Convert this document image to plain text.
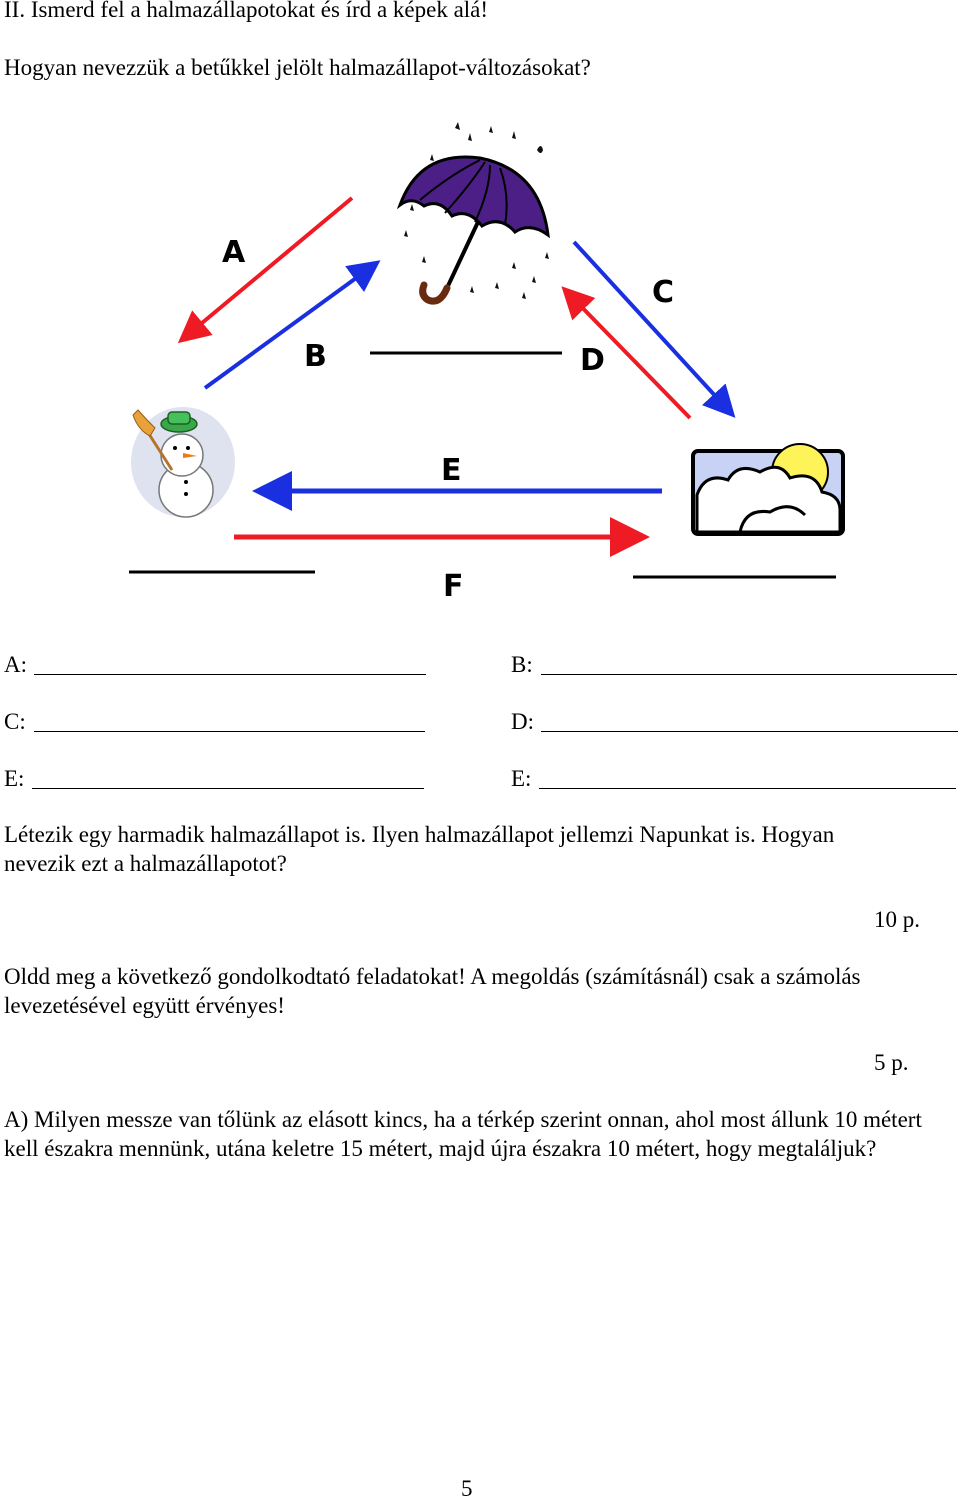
II. Ismerd fel a halmazállapotokat és írd a képek alá!
Hogyan nevezzük a betűkkel jelölt halmazállapot-változásokat?
A
B
C
D
E
F
A:	B:
C:	D:
E:	E:
Létezik egy harmadik halmazállapot is. Ilyen halmazállapot jellemzi Napunkat is. Hogyan nevezik ezt a halmazállapotot?
10 p.
Oldd meg a következő gondolkodtató feladatokat! A megoldás (számításnál) csak a számolás levezetésével együtt érvényes!
5 p.
A) Milyen messze van tőlünk az elásott kincs, ha a térkép szerint onnan, ahol most állunk 10 métert kell északra mennünk, utána keletre 15 métert, majd újra északra 10 métert, hogy megtaláljuk?
5
